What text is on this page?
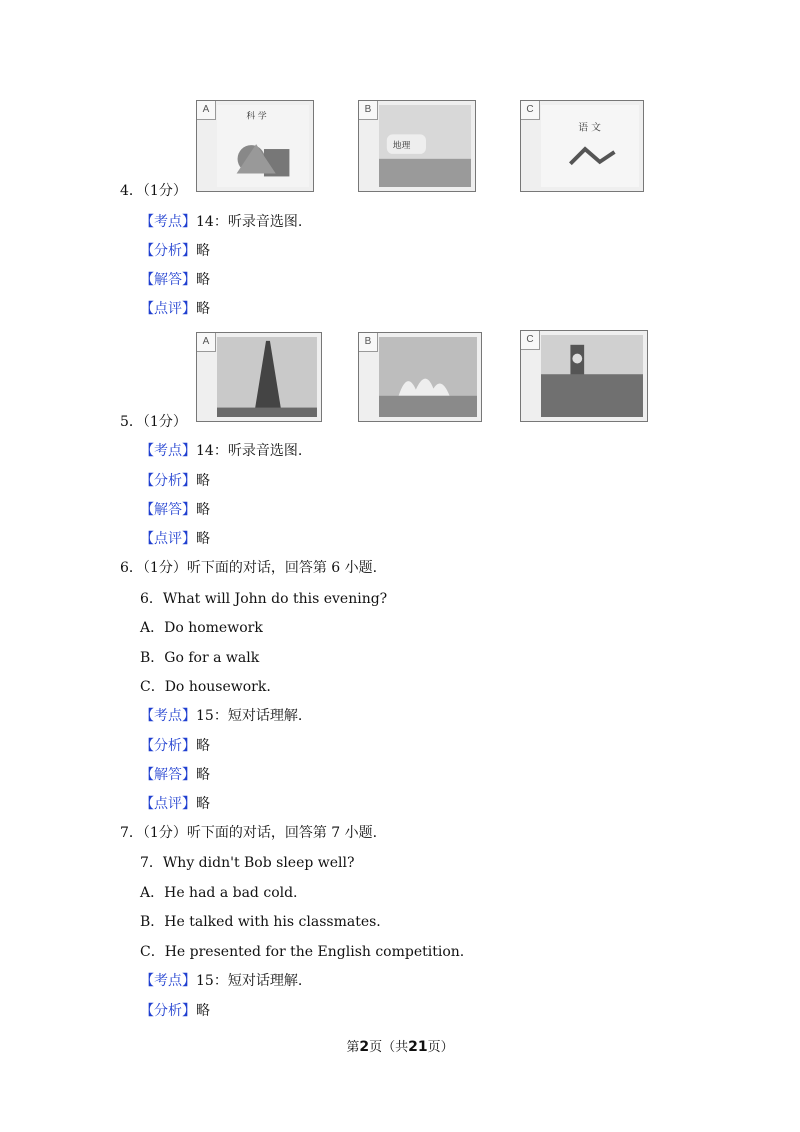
A
科 学
B
地理
C
语 文
4．（1分）
【考点】14：听录音选图.
【分析】略
【解答】略
【点评】略
A	B	C
5．（1分）
【考点】14：听录音选图.
【分析】略
【解答】略
【点评】略
6．（1分）听下面的对话，回答第 6 小题.
6．What will John do this evening?
A．Do homework
B．Go for a walk
C．Do housework.
【考点】15：短对话理解.
【分析】略
【解答】略
【点评】略
7．（1分）听下面的对话，回答第 7 小题.
7．Why didn't Bob sleep well?
A．He had a bad cold.
B．He talked with his classmates.
C．He presented for the English competition.
【考点】15：短对话理解.
【分析】略
第2页（共21页）
